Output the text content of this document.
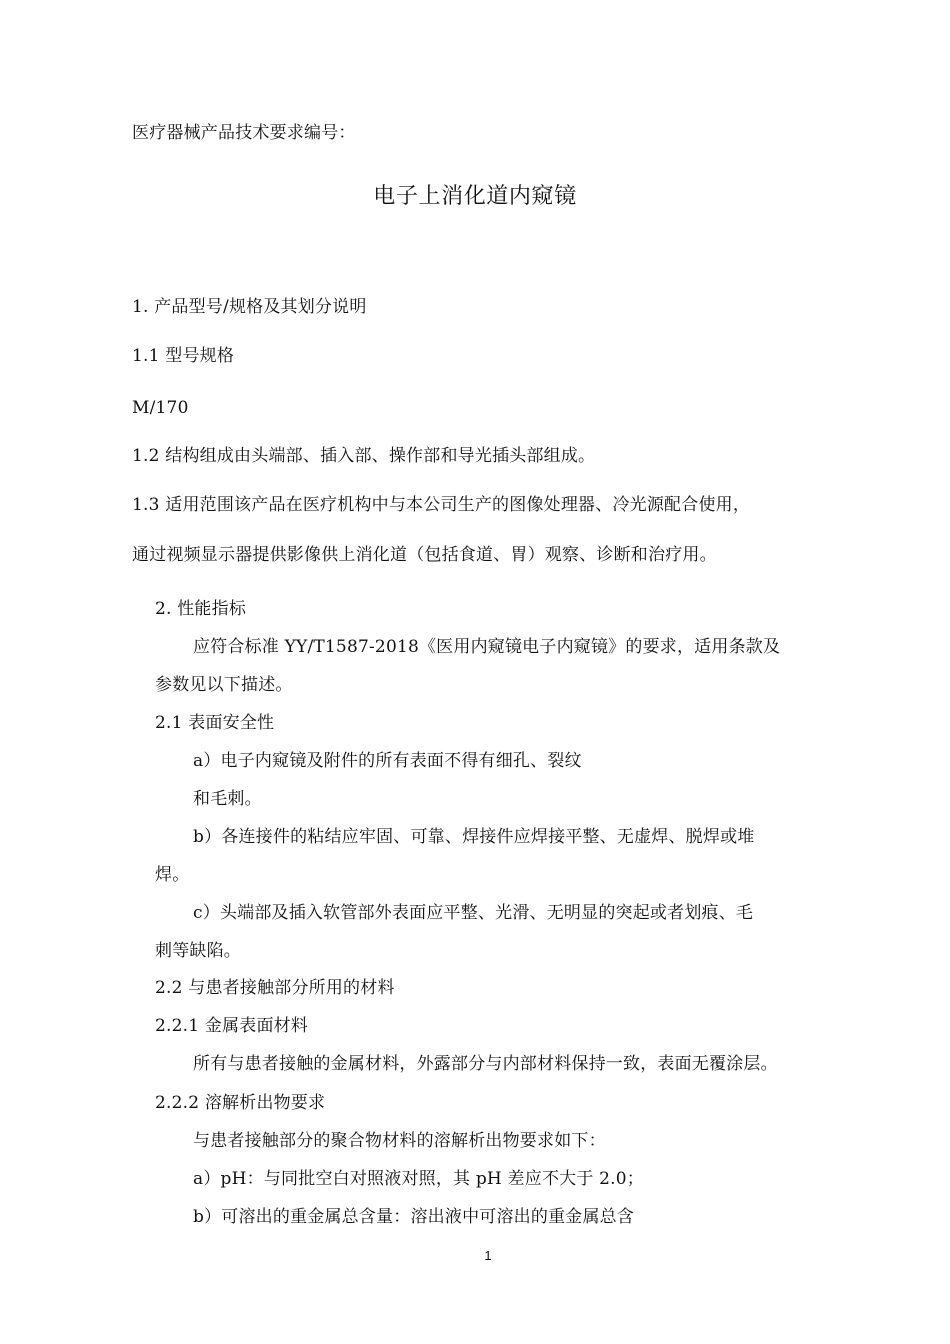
医疗器械产品技术要求编号：
电子上消化道内窥镜
1. 产品型号/规格及其划分说明
1.1 型号规格
M/170
1.2 结构组成由头端部、插入部、操作部和导光插头部组成。
1.3 适用范围该产品在医疗机构中与本公司生产的图像处理器、冷光源配合使用，
通过视频显示器提供影像供上消化道（包括食道、胃）观察、诊断和治疗用。
2. 性能指标
应符合标准 YY/T1587-2018《医用内窥镜电子内窥镜》的要求，适用条款及
参数见以下描述。
2.1 表面安全性
a）电子内窥镜及附件的所有表面不得有细孔、裂纹
和毛刺。
b）各连接件的粘结应牢固、可靠、焊接件应焊接平整、无虚焊、脱焊或堆
焊。
c）头端部及插入软管部外表面应平整、光滑、无明显的突起或者划痕、毛
刺等缺陷。
2.2 与患者接触部分所用的材料
2.2.1 金属表面材料
所有与患者接触的金属材料，外露部分与内部材料保持一致，表面无覆涂层。
2.2.2 溶解析出物要求
与患者接触部分的聚合物材料的溶解析出物要求如下：
a）pH：与同批空白对照液对照，其 pH 差应不大于 2.0；
b）可溶出的重金属总含量：溶出液中可溶出的重金属总含
1
